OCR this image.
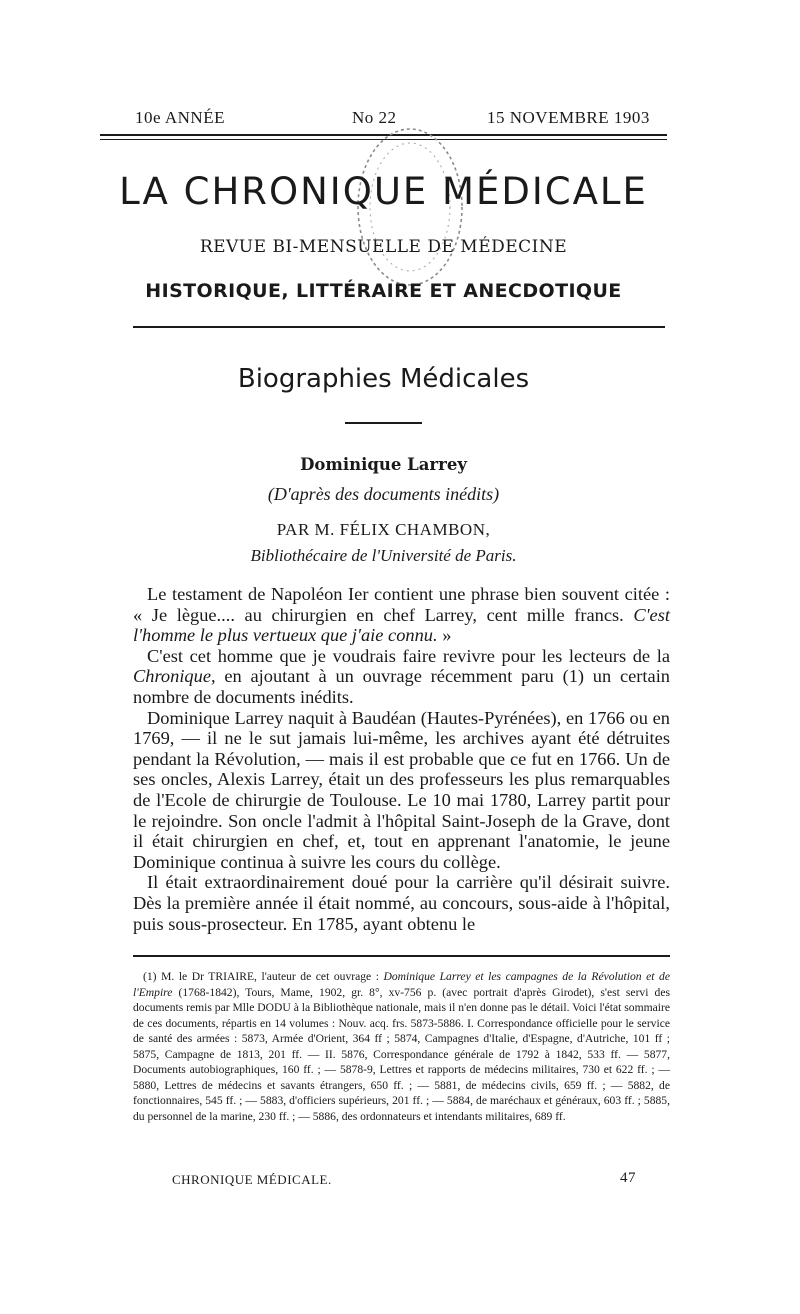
10e ANNÉE	No 22	15 NOVEMBRE 1903
LA CHRONIQUE MÉDICALE
REVUE BI-MENSUELLE DE MÉDECINE
HISTORIQUE, LITTÉRAIRE ET ANECDOTIQUE
Biographies Médicales
Dominique Larrey
(D'après des documents inédits)
PAR M. FÉLIX CHAMBON,
Bibliothécaire de l'Université de Paris.

Le testament de Napoléon Ier contient une phrase bien souvent citée : « Je lègue.... au chirurgien en chef Larrey, cent mille francs. C'est l'homme le plus vertueux que j'aie connu. »

C'est cet homme que je voudrais faire revivre pour les lecteurs de la Chronique, en ajoutant à un ouvrage récemment paru (1) un certain nombre de documents inédits.

Dominique Larrey naquit à Baudéan (Hautes-Pyrénées), en 1766 ou en 1769, — il ne le sut jamais lui-même, les archives ayant été détruites pendant la Révolution, — mais il est probable que ce fut en 1766. Un de ses oncles, Alexis Larrey, était un des professeurs les plus remarquables de l'Ecole de chirurgie de Toulouse. Le 10 mai 1780, Larrey partit pour le rejoindre. Son oncle l'admit à l'hôpital Saint-Joseph de la Grave, dont il était chirurgien en chef, et, tout en apprenant l'anatomie, le jeune Dominique continua à suivre les cours du collège.

Il était extraordinairement doué pour la carrière qu'il désirait suivre. Dès la première année il était nommé, au concours, sous-aide à l'hôpital, puis sous-prosecteur. En 1785, ayant obtenu le

(1) M. le Dr TRIAIRE, l'auteur de cet ouvrage : Dominique Larrey et les campagnes de la Révolution et de l'Empire (1768-1842), Tours, Mame, 1902, gr. 8°, xv-756 p. (avec portrait d'après Girodet), s'est servi des documents remis par Mlle DODU à la Bibliothèque nationale, mais il n'en donne pas le détail. Voici l'état sommaire de ces documents, répartis en 14 volumes : Nouv. acq. frs. 5873-5886. I. Correspondance officielle pour le service de santé des armées : 5873, Armée d'Orient, 364 ff ; 5874, Campagnes d'Italie, d'Espagne, d'Autriche, 101 ff ; 5875, Campagne de 1813, 201 ff. — II. 5876, Correspondance générale de 1792 à 1842, 533 ff. — 5877, Documents autobiographiques, 160 ff. ; — 5878-9, Lettres et rapports de médecins militaires, 730 et 622 ff. ; — 5880, Lettres de médecins et savants étrangers, 650 ff. ; — 5881, de médecins civils, 659 ff. ; — 5882, de fonctionnaires, 545 ff. ; — 5883, d'officiers supérieurs, 201 ff. ; — 5884, de maréchaux et généraux, 603 ff. ; 5885, du personnel de la marine, 230 ff. ; — 5886, des ordonnateurs et intendants militaires, 689 ff.

CHRONIQUE MÉDICALE.	47
